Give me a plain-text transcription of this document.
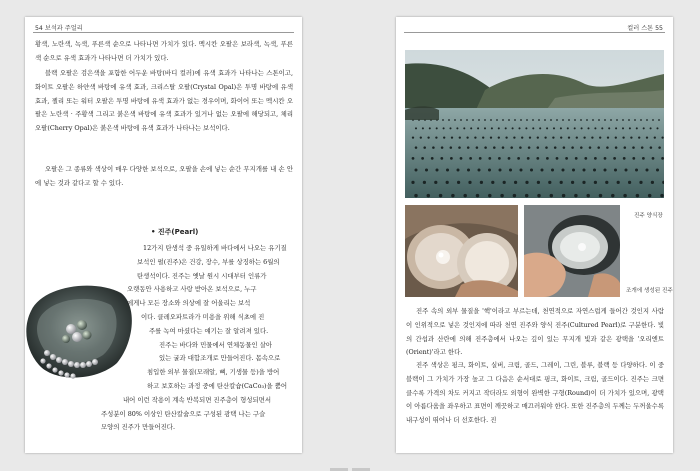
54 보석과 주얼리

황색, 노란색, 녹색, 푸른색 순으로 나타나면 가치가 있다. 멕시칸 오팔은 보라색, 녹색, 푸른색 순으로 유색 효과가 나타나면 더 가치가 있다.

블랙 오팔은 검은색을 포함한 어두운 바탕(바디 컬러)에 유색 효과가 나타나는 스톤이고, 화이트 오팔은 하얀색 바탕에 유색 효과, 크리스탈 오팔(Crystal Opal)은 투명 바탕에 유색 효과, 젤리 또는 워터 오팔은 투명 바탕에 유색 효과가 없는 경우이며, 화이어 또는 멕시칸 오팔은 노란색 · 주황색 그리고 붉은색 바탕에 유색 효과가 있거나 없는 오팔에 해당되고, 체리 오팔(Cherry Opal)은 붉은색 바탕에 유색 효과가 나타나는 보석이다.

오팔은 그 종류와 색상이 매우 다양한 보석으로, 오팔을 손에 넣는 순간 무지개를 내 손 안에 넣는 것과 같다고 할 수 있다.

• 진주(Pearl)
12가지 탄생석 중 유일하게 바다에서 나오는 유기질
보석인 펄(진주)은 건강, 장수, 부를 상징하는 6월의
탄생석이다. 진주는 옛날 원시 시대부터 인류가
오랫동안 사용하고 사랑 받아온 보석으로, 누구
에게나 모든 장소와 의상에 잘 어울리는 보석
이다. 클레오파트라가 미용을 위해 식초에 진
주를 녹여 마셨다는 얘기는 잘 알려져 있다.
진주는 바다와 민물에서 연체동물인 살아
있는 굴과 대합조개로 만들어진다. 몸속으로
침입한 외부 물질(모래알, 뼈, 기생물 등)을 방어
하고 보호하는 과정 중에 탄산칼슘(CaCo₃)을 뿜어
내어 이런 작용이 계속 반복되면 진주층이 형성되면서
주성분이 80% 이상인 탄산칼슘으로 구성된 광택 나는 구슬
모양의 진주가 만들어진다.
컬러 스톤 55
진주 양식장
조개에 생성된 진주

진주 속의 외부 물질을 '핵'이라고 부르는데, 천연적으로 자연스럽게 들어간 것인지 사람이 인위적으로 넣은 것인지에 따라 천연 진주와 양식 진주(Cultured Pearl)로 구분한다. 빛의 간섭과 산란에 의해 진주층에서 나오는 깊이 있는 무지개 빛과 같은 광택을 '오리엔트(Orient)'라고 한다.

진주 색상은 핑크, 화이트, 실버, 크림, 골드, 그레이, 그린, 블루, 블랙 등 다양하다. 이 중 블랙이 그 가치가 가장 높고 그 다음은 순서대로 핑크, 화이트, 크림, 골드이다. 진주는 크면 클수록 가격의 차도 커지고 작더라도 외형이 완벽한 구형(Round)이 더 가치가 있으며, 광택이 아름다움을 좌우하고 표면이 깨끗하고 매끄러워야 한다. 또한 진주층의 두께는 두꺼울수록 내구성이 뛰어나 더 선호한다. 진
